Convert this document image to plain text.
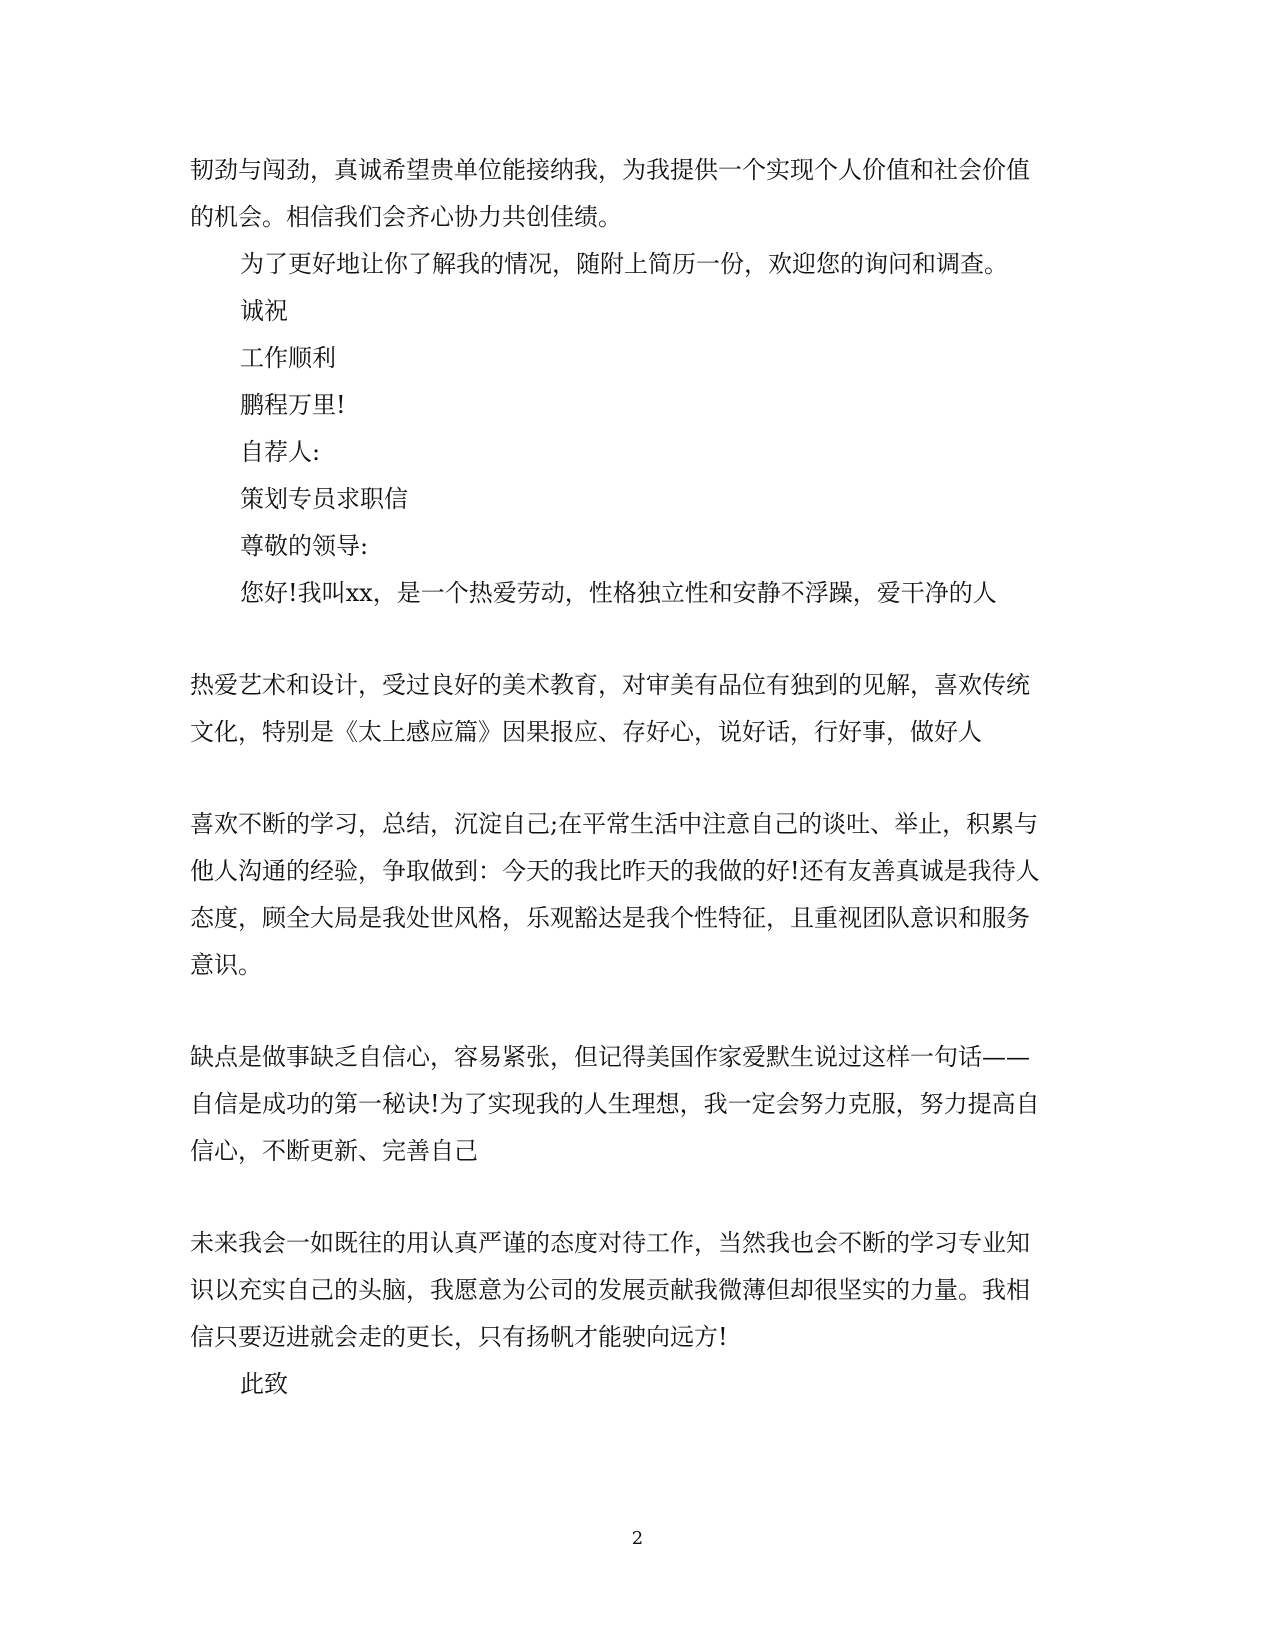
韧劲与闯劲，真诚希望贵单位能接纳我，为我提供一个实现个人价值和社会价值
的机会。相信我们会齐心协力共创佳绩。
为了更好地让你了解我的情况，随附上简历一份，欢迎您的询问和调查。
诚祝
工作顺利
鹏程万里!
自荐人:
策划专员求职信
尊敬的领导:
您好!我叫xx，是一个热爱劳动，性格独立性和安静不浮躁，爱干净的人
热爱艺术和设计，受过良好的美术教育，对审美有品位有独到的见解，喜欢传统
文化，特别是《太上感应篇》因果报应、存好心，说好话，行好事，做好人
喜欢不断的学习，总结，沉淀自己;在平常生活中注意自己的谈吐、举止，积累与
他人沟通的经验，争取做到：今天的我比昨天的我做的好!还有友善真诚是我待人
态度，顾全大局是我处世风格，乐观豁达是我个性特征，且重视团队意识和服务
意识。
缺点是做事缺乏自信心，容易紧张，但记得美国作家爱默生说过这样一句话——
自信是成功的第一秘诀!为了实现我的人生理想，我一定会努力克服，努力提高自
信心，不断更新、完善自己
未来我会一如既往的用认真严谨的态度对待工作，当然我也会不断的学习专业知
识以充实自己的头脑，我愿意为公司的发展贡献我微薄但却很坚实的力量。我相
信只要迈进就会走的更长，只有扬帆才能驶向远方!
此致
2
